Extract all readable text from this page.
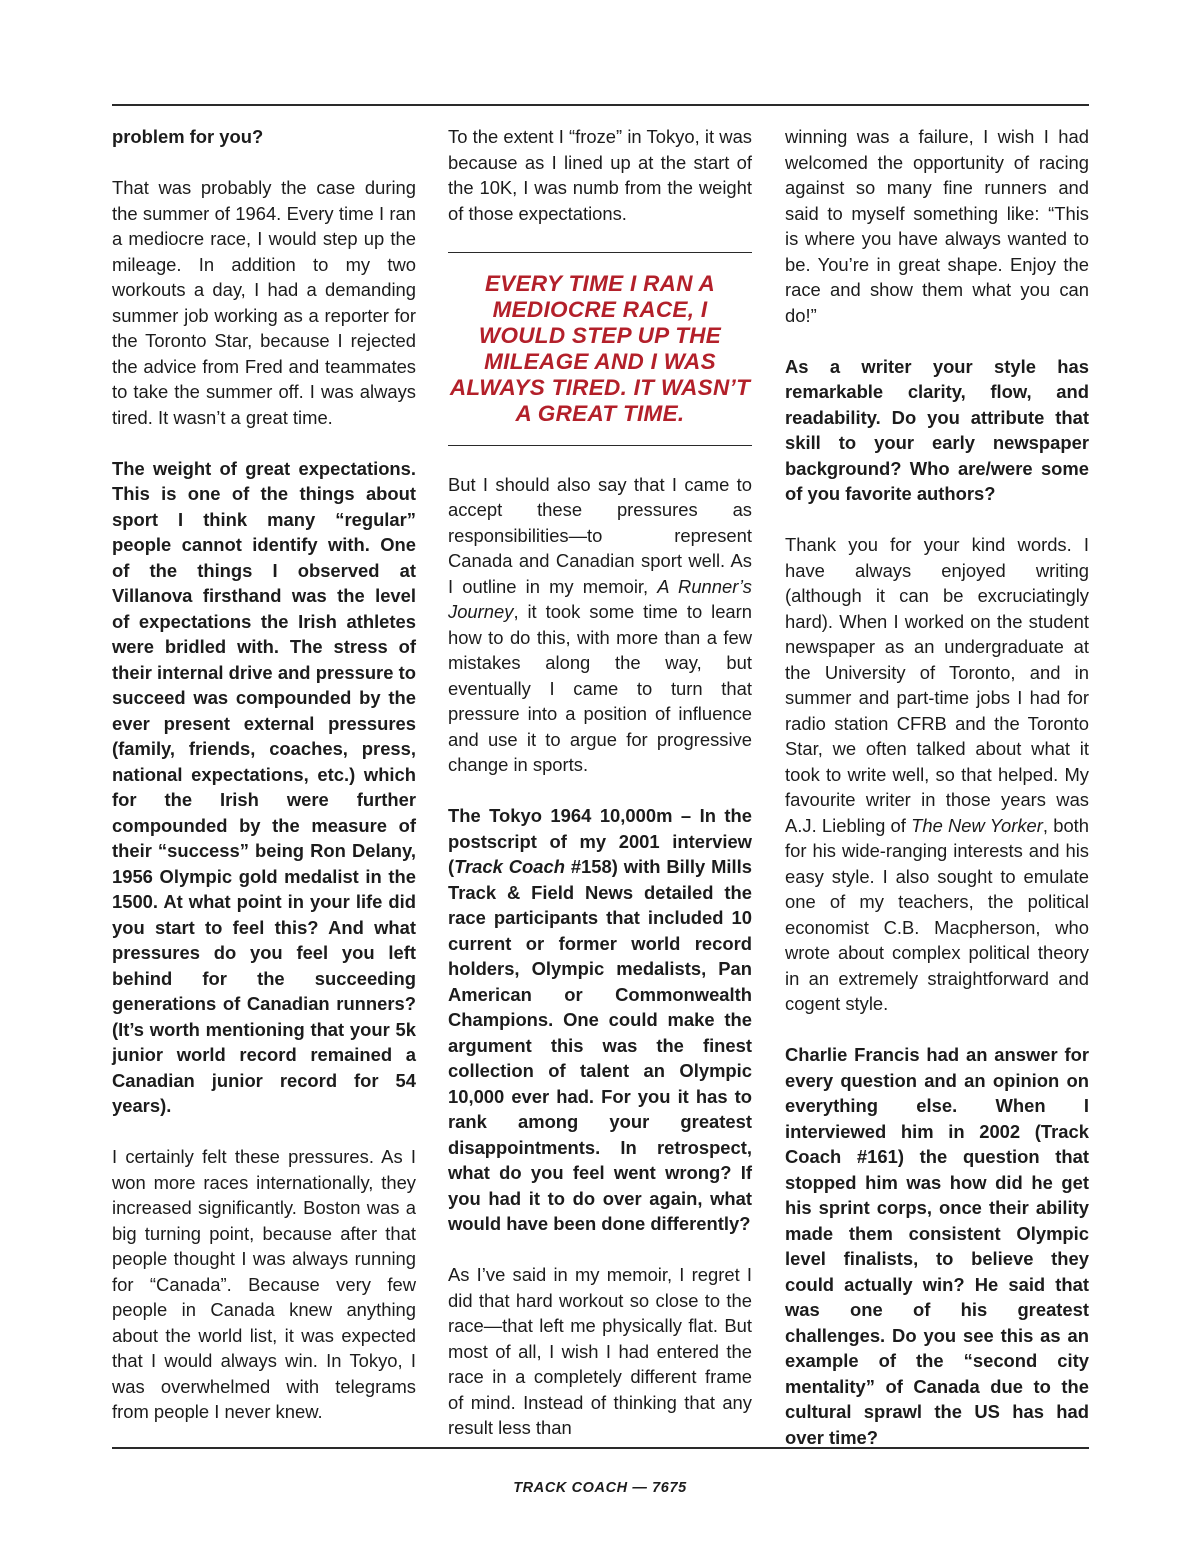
problem for you?

That was probably the case during the summer of 1964. Every time I ran a mediocre race, I would step up the mileage. In addition to my two workouts a day, I had a demanding summer job working as a reporter for the Toronto Star, because I rejected the advice from Fred and teammates to take the summer off. I was always tired. It wasn’t a great time.

The weight of great expectations. This is one of the things about sport I think many “regular” people cannot identify with. One of the things I observed at Villanova firsthand was the level of expectations the Irish athletes were bridled with. The stress of their internal drive and pressure to succeed was compounded by the ever present external pressures (family, friends, coaches, press, national expectations, etc.) which for the Irish were further compounded by the measure of their “success” being Ron Delany, 1956 Olympic gold medalist in the 1500. At what point in your life did you start to feel this? And what pressures do you feel you left behind for the succeeding generations of Canadian runners? (It’s worth mentioning that your 5k junior world record remained a Canadian junior record for 54 years).

I certainly felt these pressures. As I won more races internationally, they increased significantly. Boston was a big turning point, because after that people thought I was always running for “Canada”. Because very few people in Canada knew anything about the world list, it was expected that I would always win. In Tokyo, I was overwhelmed with telegrams from people I never knew.

To the extent I “froze” in Tokyo, it was because as I lined up at the start of the 10K, I was numb from the weight of those expectations.

EVERY TIME I RAN A MEDIOCRE RACE, I WOULD STEP UP THE MILEAGE AND I WAS ALWAYS TIRED. IT WASN’T A GREAT TIME.

But I should also say that I came to accept these pressures as responsibilities—to represent Canada and Canadian sport well. As I outline in my memoir, A Runner’s Journey, it took some time to learn how to do this, with more than a few mistakes along the way, but eventually I came to turn that pressure into a position of influence and use it to argue for progressive change in sports.

The Tokyo 1964 10,000m – In the postscript of my 2001 interview (Track Coach #158) with Billy Mills Track & Field News detailed the race participants that included 10 current or former world record holders, Olympic medalists, Pan American or Commonwealth Champions. One could make the argument this was the finest collection of talent an Olympic 10,000 ever had. For you it has to rank among your greatest disappointments. In retrospect, what do you feel went wrong? If you had it to do over again, what would have been done differently?

As I’ve said in my memoir, I regret I did that hard workout so close to the race—that left me physically flat. But most of all, I wish I had entered the race in a completely different frame of mind. Instead of thinking that any result less than

winning was a failure, I wish I had welcomed the opportunity of racing against so many fine runners and said to myself something like: “This is where you have always wanted to be. You’re in great shape. Enjoy the race and show them what you can do!”

As a writer your style has remarkable clarity, flow, and readability. Do you attribute that skill to your early newspaper background? Who are/were some of you favorite authors?

Thank you for your kind words. I have always enjoyed writing (although it can be excruciatingly hard). When I worked on the student newspaper as an undergraduate at the University of Toronto, and in summer and part-time jobs I had for radio station CFRB and the Toronto Star, we often talked about what it took to write well, so that helped. My favourite writer in those years was A.J. Liebling of The New Yorker, both for his wide-ranging interests and his easy style. I also sought to emulate one of my teachers, the political economist C.B. Macpherson, who wrote about complex political theory in an extremely straightforward and cogent style.

Charlie Francis had an answer for every question and an opinion on everything else. When I interviewed him in 2002 (Track Coach #161) the question that stopped him was how did he get his sprint corps, once their ability made them consistent Olympic level finalists, to believe they could actually win? He said that was one of his greatest challenges. Do you see this as an example of the “second city mentality” of Canada due to the cultural sprawl the US has had over time?

TRACK COACH — 7675
